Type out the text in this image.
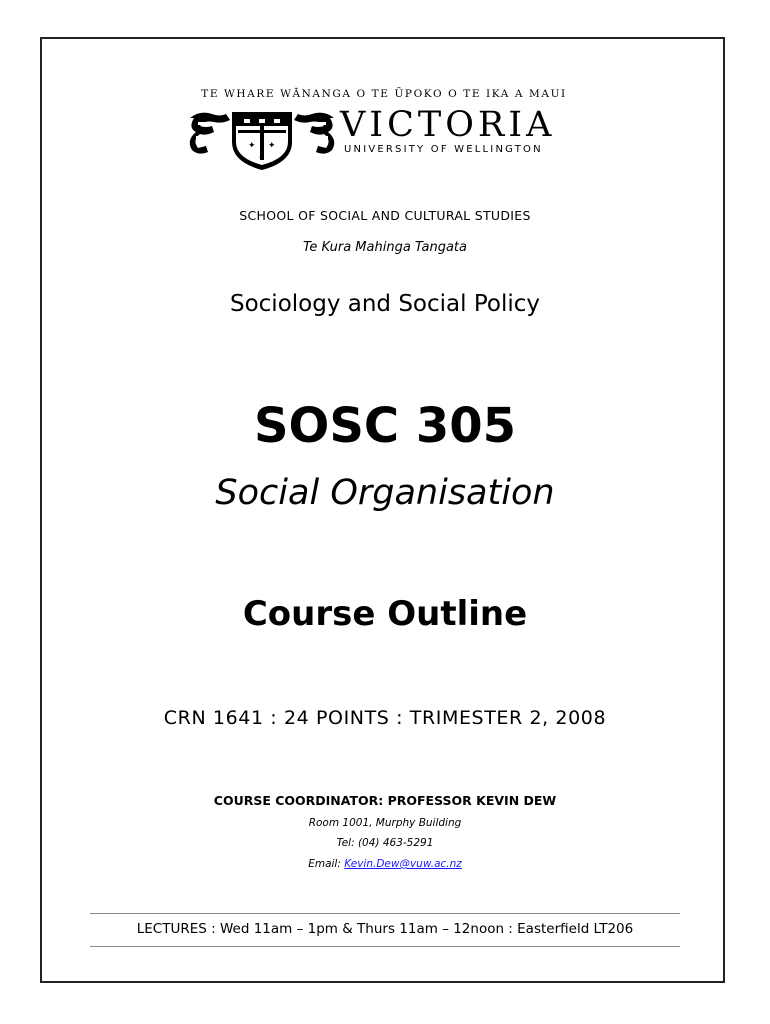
TE WHARE WĀNANGA O TE ŪPOKO O TE IKA A MAUI
✦ ✦
✦
VICTORIA
UNIVERSITY OF WELLINGTON
SCHOOL OF SOCIAL AND CULTURAL STUDIES
Te Kura Mahinga Tangata
Sociology and Social Policy
SOSC 305
Social Organisation
Course Outline
CRN 1641 : 24 POINTS : TRIMESTER 2, 2008
COURSE COORDINATOR: PROFESSOR KEVIN DEW
Room 1001, Murphy Building
Tel: (04) 463-5291
Email: Kevin.Dew@vuw.ac.nz
LECTURES : Wed 11am – 1pm & Thurs 11am – 12noon : Easterfield LT206
